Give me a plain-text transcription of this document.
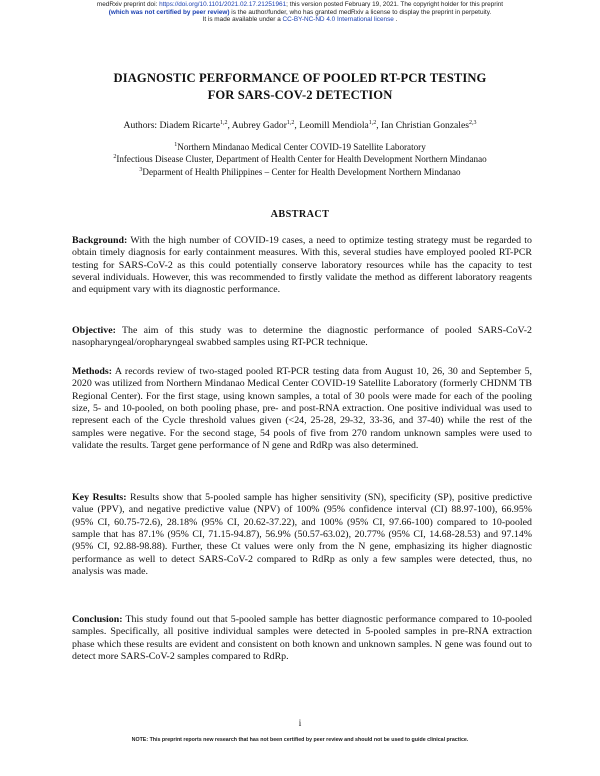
medRxiv preprint doi: https://doi.org/10.1101/2021.02.17.21251961; this version posted February 19, 2021. The copyright holder for this preprint
(which was not certified by peer review) is the author/funder, who has granted medRxiv a license to display the preprint in perpetuity.
It is made available under a CC-BY-NC-ND 4.0 International license .
DIAGNOSTIC PERFORMANCE OF POOLED RT-PCR TESTING
FOR SARS-COV-2 DETECTION
Authors: Diadem Ricarte$^{1,2}$, Aubrey Gador$^{1,2}$, Leomill Mendiola$^{1,2}$, Ian Christian Gonzales$^{2,3}$
$^1$Northern Mindanao Medical Center COVID-19 Satellite Laboratory
$^2$Infectious Disease Cluster, Department of Health Center for Health Development Northern Mindanao
$^3$Deparment of Health Philippines – Center for Health Development Northern Mindanao
ABSTRACT

Background: With the high number of COVID-19 cases, a need to optimize testing strategy must be regarded to obtain timely diagnosis for early containment measures. With this, several studies have employed pooled RT-PCR testing for SARS-CoV-2 as this could potentially conserve laboratory resources while has the capacity to test several individuals. However, this was recommended to firstly validate the method as different laboratory reagents and equipment vary with its diagnostic performance.

Objective: The aim of this study was to determine the diagnostic performance of pooled SARS-CoV-2 nasopharyngeal/oropharyngeal swabbed samples using RT-PCR technique.

Methods: A records review of two-staged pooled RT-PCR testing data from August 10, 26, 30 and September 5, 2020 was utilized from Northern Mindanao Medical Center COVID-19 Satellite Laboratory (formerly CHDNM TB Regional Center). For the first stage, using known samples, a total of 30 pools were made for each of the pooling size, 5- and 10-pooled, on both pooling phase, pre- and post-RNA extraction. One positive individual was used to represent each of the Cycle threshold values given (<24, 25-28, 29-32, 33-36, and 37-40) while the rest of the samples were negative. For the second stage, 54 pools of five from 270 random unknown samples were used to validate the results. Target gene performance of N gene and RdRp was also determined.

Key Results: Results show that 5-pooled sample has higher sensitivity (SN), specificity (SP), positive predictive value (PPV), and negative predictive value (NPV) of 100% (95% confidence interval (CI) 88.97-100), 66.95% (95% CI, 60.75-72.6), 28.18% (95% CI, 20.62-37.22), and 100% (95% CI, 97.66-100) compared to 10-pooled sample that has 87.1% (95% CI, 71.15-94.87), 56.9% (50.57-63.02), 20.77% (95% CI, 14.68-28.53) and 97.14% (95% CI, 92.88-98.88). Further, these Ct values were only from the N gene, emphasizing its higher diagnostic performance as well to detect SARS-CoV-2 compared to RdRp as only a few samples were detected, thus, no analysis was made.

Conclusion: This study found out that 5-pooled sample has better diagnostic performance compared to 10-pooled samples. Specifically, all positive individual samples were detected in 5-pooled samples in pre-RNA extraction phase which these results are evident and consistent on both known and unknown samples. N gene was found out to detect more SARS-CoV-2 samples compared to RdRp.

i
NOTE: This preprint reports new research that has not been certified by peer review and should not be used to guide clinical practice.
